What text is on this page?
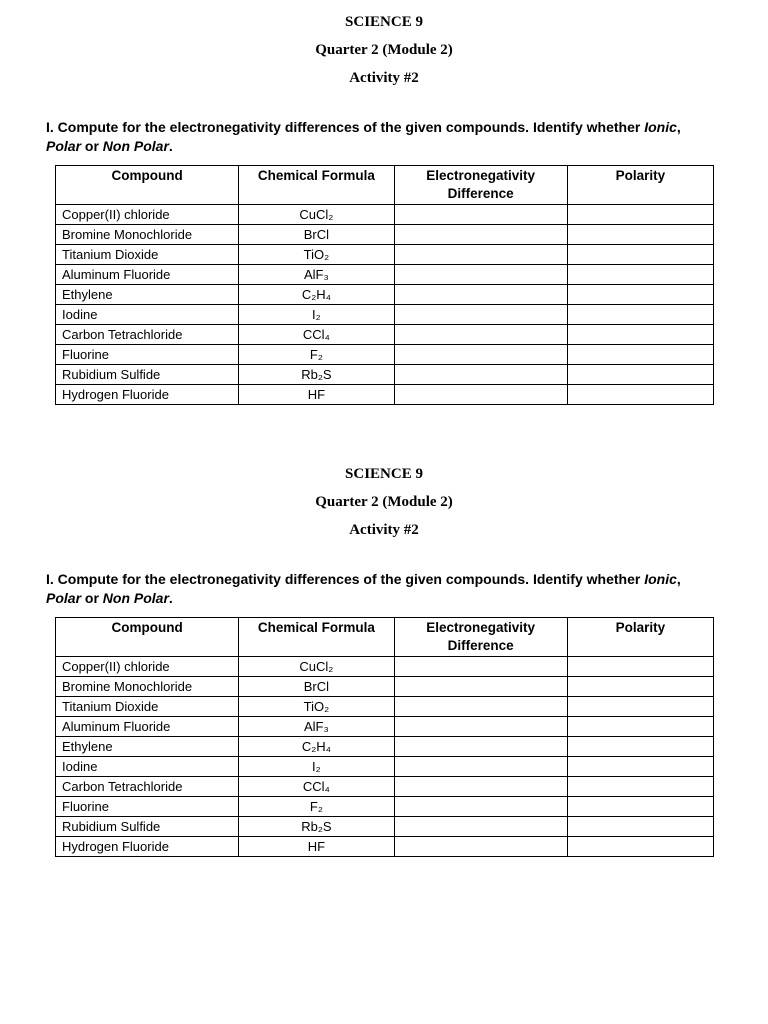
SCIENCE 9
Quarter 2 (Module 2)
Activity #2
I. Compute for the electronegativity differences of the given compounds. Identify whether Ionic, Polar or Non Polar.
Compound	Chemical Formula	Electronegativity Difference	Polarity
Copper(II) chloride	CuCl₂		
Bromine Monochloride	BrCl		
Titanium Dioxide	TiO₂		
Aluminum Fluoride	AlF₃		
Ethylene	C₂H₄		
Iodine	I₂		
Carbon Tetrachloride	CCl₄		
Fluorine	F₂		
Rubidium Sulfide	Rb₂S		
Hydrogen Fluoride	HF		
SCIENCE 9
Quarter 2 (Module 2)
Activity #2
I. Compute for the electronegativity differences of the given compounds. Identify whether Ionic, Polar or Non Polar.
Compound	Chemical Formula	Electronegativity Difference	Polarity
Copper(II) chloride	CuCl₂		
Bromine Monochloride	BrCl		
Titanium Dioxide	TiO₂		
Aluminum Fluoride	AlF₃		
Ethylene	C₂H₄		
Iodine	I₂		
Carbon Tetrachloride	CCl₄		
Fluorine	F₂		
Rubidium Sulfide	Rb₂S		
Hydrogen Fluoride	HF		
